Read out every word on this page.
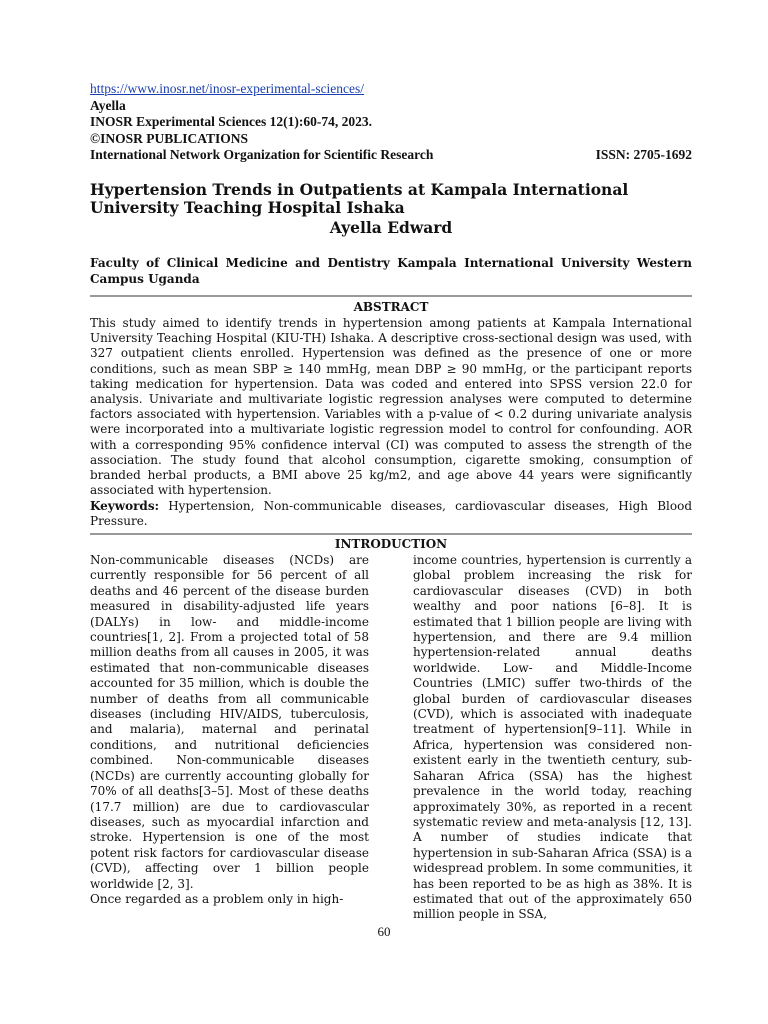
https://www.inosr.net/inosr-experimental-sciences/
Ayella
INOSR Experimental Sciences 12(1):60-74, 2023.
©INOSR PUBLICATIONS
International Network Organization for Scientific Research	ISSN: 2705-1692
Hypertension Trends in Outpatients at Kampala International University Teaching Hospital Ishaka
Ayella Edward
Faculty of Clinical Medicine and Dentistry Kampala International University Western Campus Uganda
ABSTRACT
This study aimed to identify trends in hypertension among patients at Kampala International University Teaching Hospital (KIU-TH) Ishaka. A descriptive cross-sectional design was used, with 327 outpatient clients enrolled. Hypertension was defined as the presence of one or more conditions, such as mean SBP ≥ 140 mmHg, mean DBP ≥ 90 mmHg, or the participant reports taking medication for hypertension. Data was coded and entered into SPSS version 22.0 for analysis. Univariate and multivariate logistic regression analyses were computed to determine factors associated with hypertension. Variables with a p-value of < 0.2 during univariate analysis were incorporated into a multivariate logistic regression model to control for confounding. AOR with a corresponding 95% confidence interval (CI) was computed to assess the strength of the association. The study found that alcohol consumption, cigarette smoking, consumption of branded herbal products, a BMI above 25 kg/m2, and age above 44 years were significantly associated with hypertension.
Keywords: Hypertension, Non-communicable diseases, cardiovascular diseases, High Blood Pressure.
INTRODUCTION

Non-communicable diseases (NCDs) are currently responsible for 56 percent of all deaths and 46 percent of the disease burden measured in disability-adjusted life years (DALYs) in low- and middle-income countries[1, 2]. From a projected total of 58 million deaths from all causes in 2005, it was estimated that non-communicable diseases accounted for 35 million, which is double the number of deaths from all communicable diseases (including HIV/AIDS, tuberculosis, and malaria), maternal and perinatal conditions, and nutritional deficiencies combined. Non-communicable diseases (NCDs) are currently accounting globally for 70% of all deaths[3–5]. Most of these deaths (17.7 million) are due to cardiovascular diseases, such as myocardial infarction and stroke. Hypertension is one of the most potent risk factors for cardiovascular disease (CVD), affecting over 1 billion people worldwide [2, 3].

Once regarded as a problem only in high-

income countries, hypertension is currently a global problem increasing the risk for cardiovascular diseases (CVD) in both wealthy and poor nations [6–8]. It is estimated that 1 billion people are living with hypertension, and there are 9.4 million hypertension-related annual deaths worldwide. Low- and Middle-Income Countries (LMIC) suffer two-thirds of the global burden of cardiovascular diseases (CVD), which is associated with inadequate treatment of hypertension[9–11]. While in Africa, hypertension was considered non-existent early in the twentieth century, sub-Saharan Africa (SSA) has the highest prevalence in the world today, reaching approximately 30%, as reported in a recent systematic review and meta-analysis [12, 13]. A number of studies indicate that hypertension in sub-Saharan Africa (SSA) is a widespread problem. In some communities, it has been reported to be as high as 38%. It is estimated that out of the approximately 650 million people in SSA,

60
